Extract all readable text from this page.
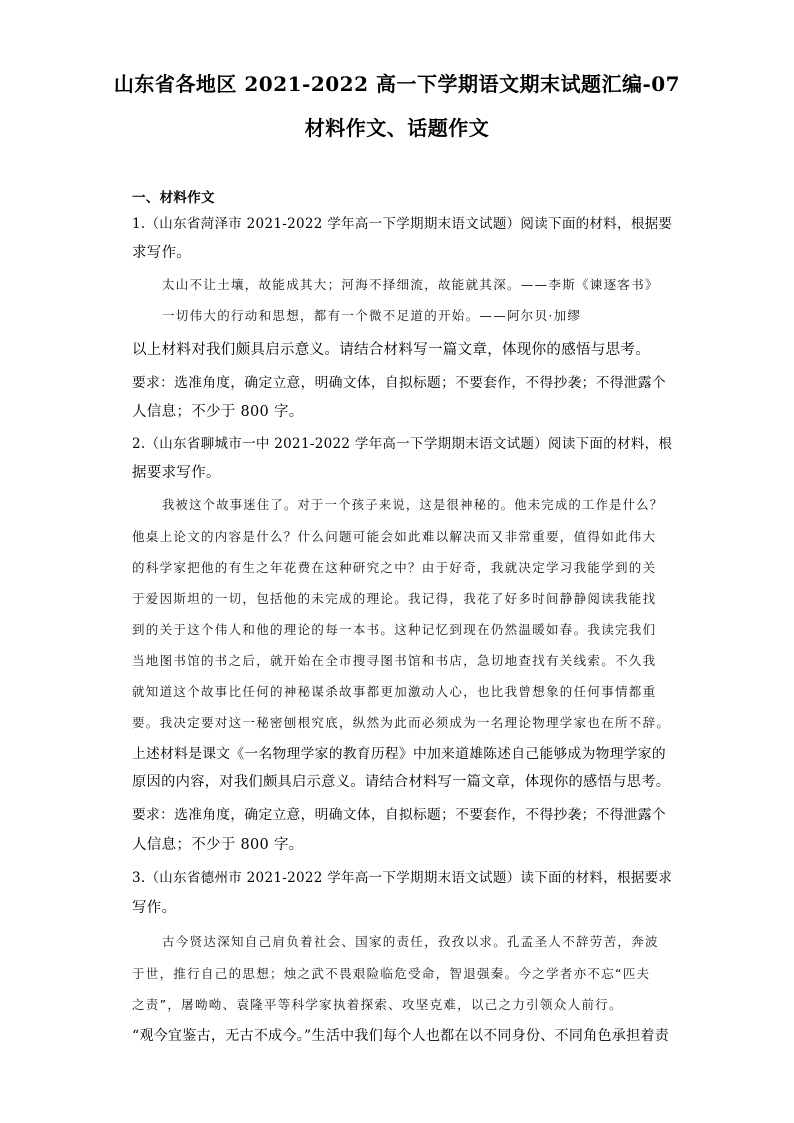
山东省各地区 2021-2022 高一下学期语文期末试题汇编-07
材料作文、话题作文
一、材料作文
1.（山东省菏泽市 2021-2022 学年高一下学期期末语文试题）阅读下面的材料，根据要
求写作。
太山不让土壤，故能成其大；河海不择细流，故能就其深。——李斯《谏逐客书》
一切伟大的行动和思想，都有一个微不足道的开始。——阿尔贝·加缪
以上材料对我们颇具启示意义。请结合材料写一篇文章，体现你的感悟与思考。
要求：选准角度，确定立意，明确文体，自拟标题；不要套作，不得抄袭；不得泄露个
人信息；不少于 800 字。
2.（山东省聊城市一中 2021-2022 学年高一下学期期末语文试题）阅读下面的材料，根
据要求写作。
我被这个故事迷住了。对于一个孩子来说，这是很神秘的。他未完成的工作是什么？
他桌上论文的内容是什么？什么问题可能会如此难以解决而又非常重要，值得如此伟大
的科学家把他的有生之年花费在这种研究之中？由于好奇，我就决定学习我能学到的关
于爱因斯坦的一切，包括他的未完成的理论。我记得，我花了好多时间静静阅读我能找
到的关于这个伟人和他的理论的每一本书。这种记忆到现在仍然温暖如春。我读完我们
当地图书馆的书之后，就开始在全市搜寻图书馆和书店，急切地查找有关线索。不久我
就知道这个故事比任何的神秘谋杀故事都更加激动人心，也比我曾想象的任何事情都重
要。我决定要对这一秘密刨根究底，纵然为此而必须成为一名理论物理学家也在所不辞。
上述材料是课文《一名物理学家的教育历程》中加来道雄陈述自己能够成为物理学家的
原因的内容，对我们颇具启示意义。请结合材料写一篇文章，体现你的感悟与思考。
要求：选准角度，确定立意，明确文体，自拟标题；不要套作，不得抄袭；不得泄露个
人信息；不少于 800 字。
3.（山东省德州市 2021-2022 学年高一下学期期末语文试题）读下面的材料，根据要求
写作。
古今贤达深知自己肩负着社会、国家的责任，孜孜以求。孔孟圣人不辞劳苦，奔波
于世，推行自己的思想；烛之武不畏艰险临危受命，智退强秦。今之学者亦不忘“匹夫
之责”，屠呦呦、袁隆平等科学家执着探索、攻坚克难，以己之力引领众人前行。
“观今宜鉴古，无古不成今。”生活中我们每个人也都在以不同身份、不同角色承担着责
